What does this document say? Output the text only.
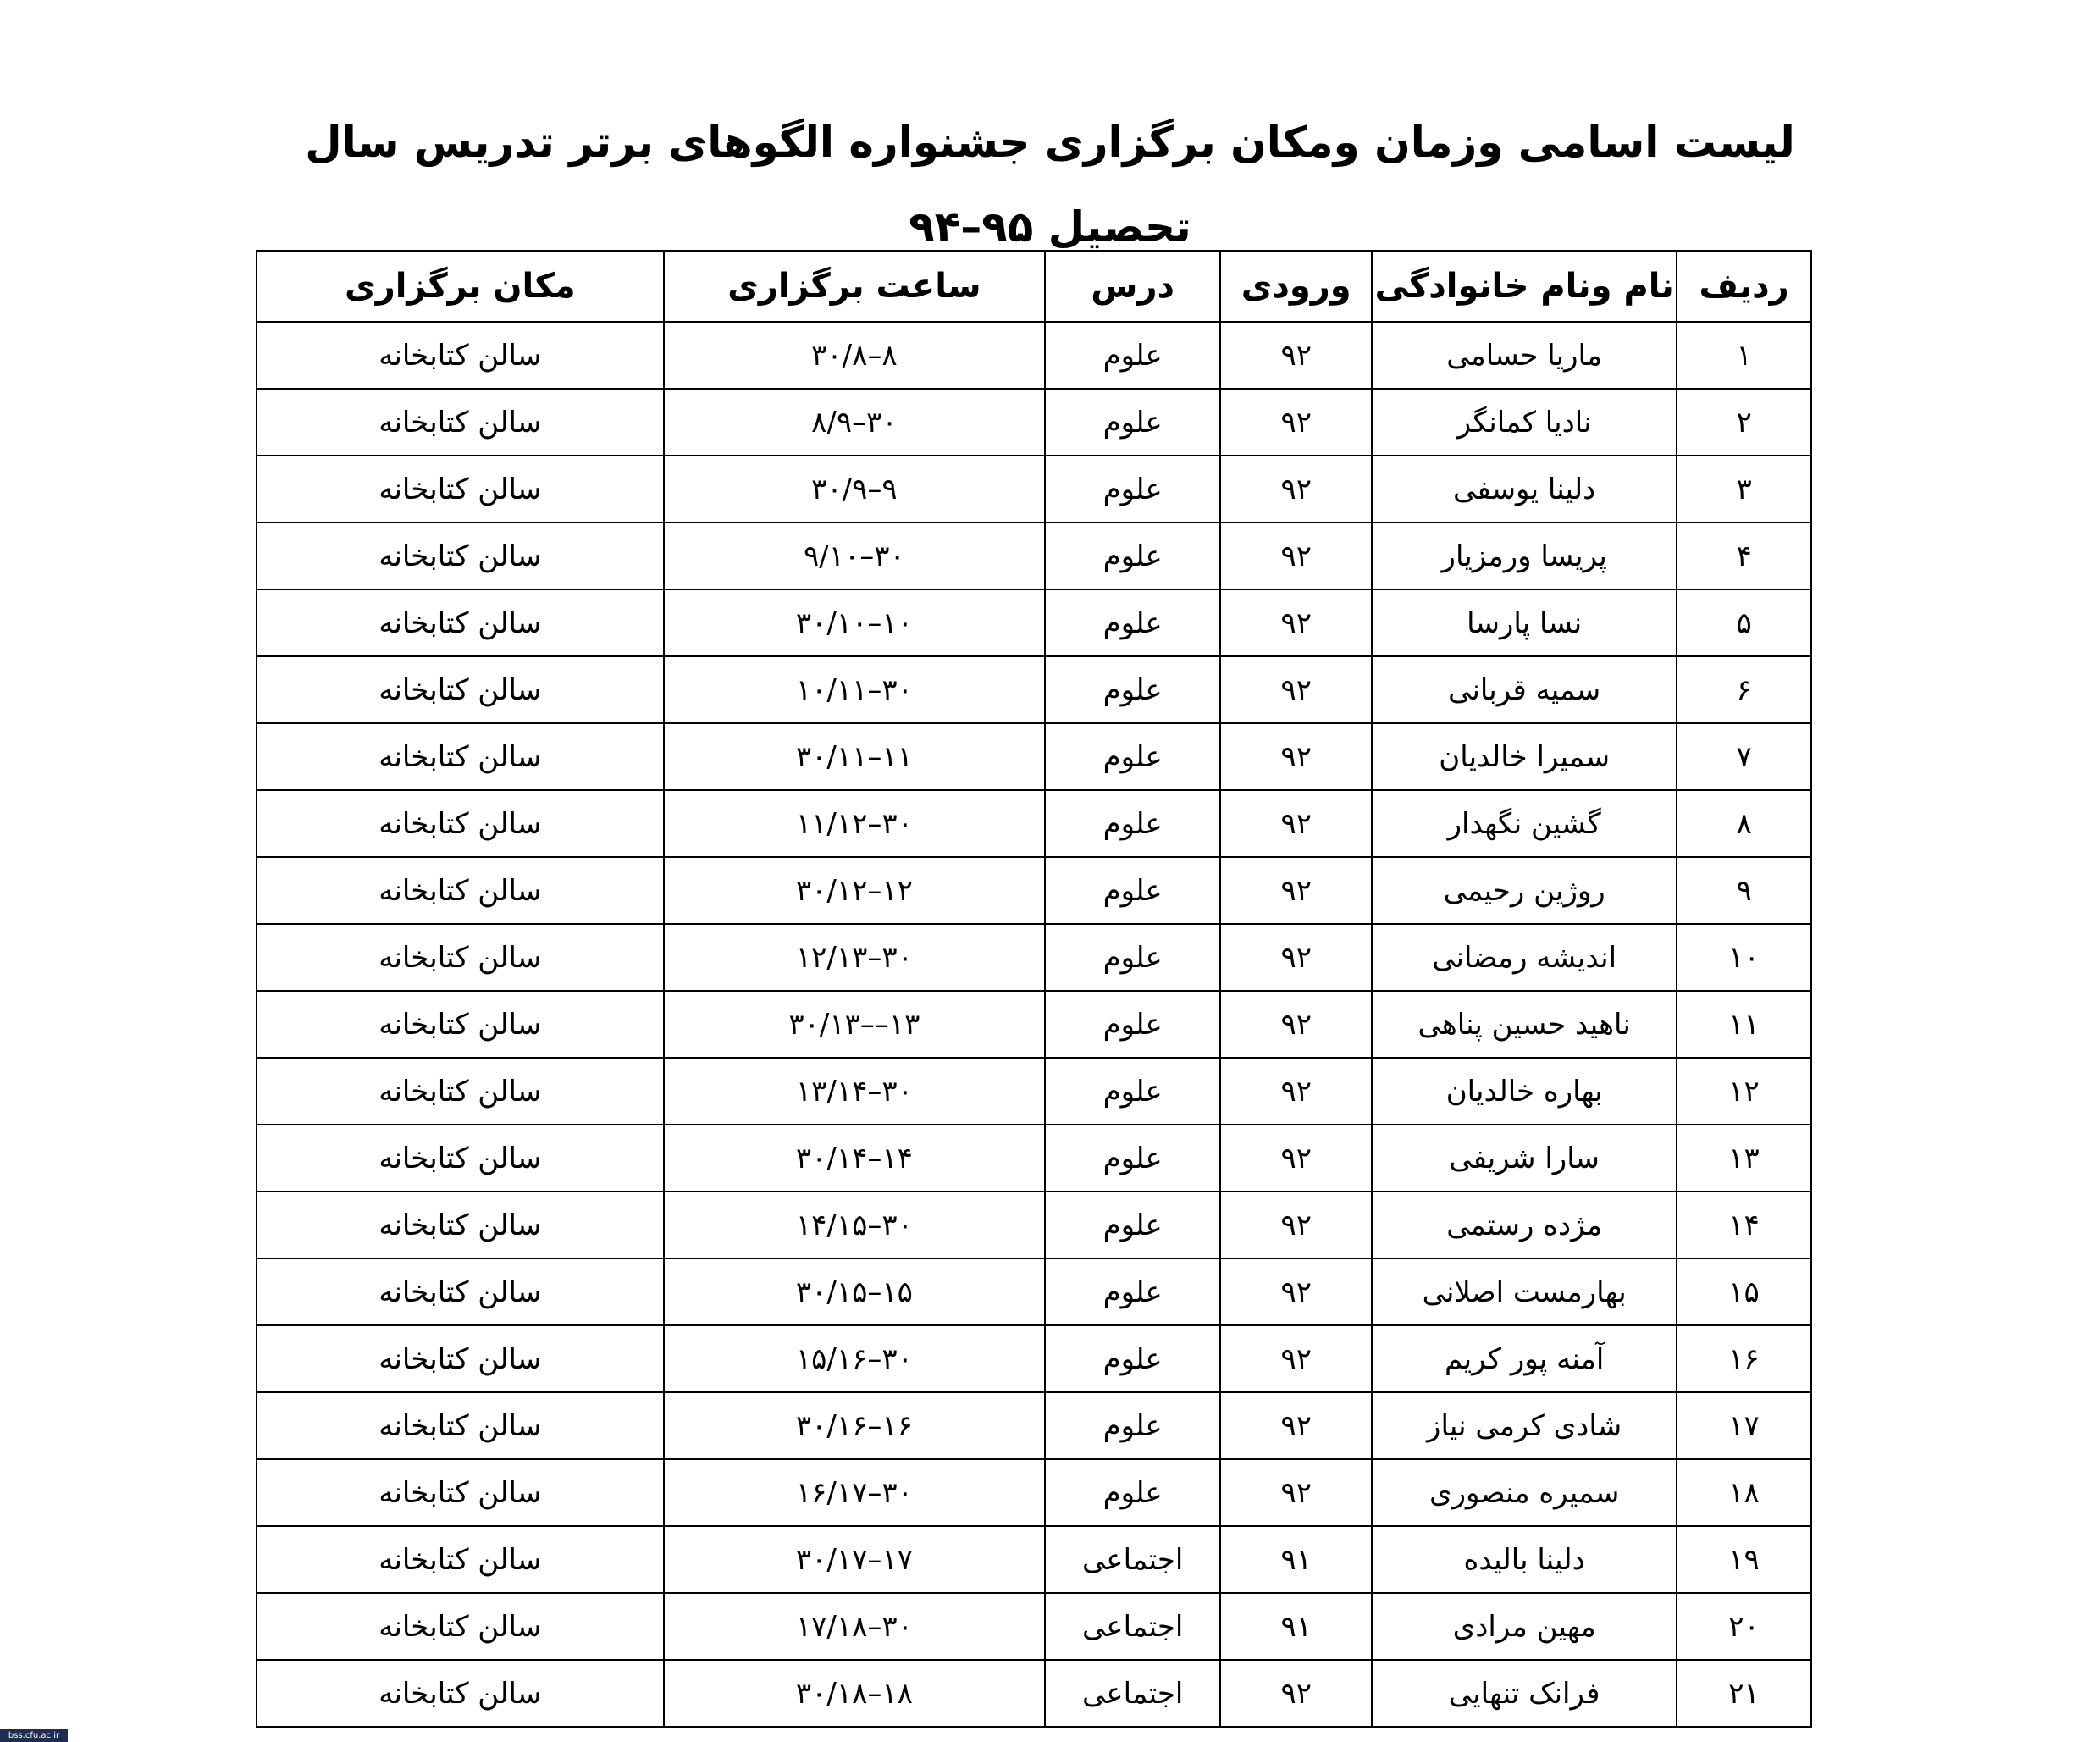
لیست اسامی وزمان ومکان برگزاری جشنواره الگوهای برتر تدریس سال تحصیل ۹۵–۹۴
ردیف	نام ونام خانوادگی	ورودی	درس	ساعت برگزاری	مکان برگزاری
۱	ماریا حسامی	۹۲	علوم	۳۰/۸–۸	سالن کتابخانه
۲	نادیا کمانگر	۹۲	علوم	۸/۹–۳۰	سالن کتابخانه
۳	دلینا یوسفی	۹۲	علوم	۳۰/۹–۹	سالن کتابخانه
۴	پریسا ورمزیار	۹۲	علوم	۹/۱۰–۳۰	سالن کتابخانه
۵	نسا پارسا	۹۲	علوم	۳۰/۱۰–۱۰	سالن کتابخانه
۶	سمیه قربانی	۹۲	علوم	۱۰/۱۱–۳۰	سالن کتابخانه
۷	سمیرا خالدیان	۹۲	علوم	۳۰/۱۱–۱۱	سالن کتابخانه
۸	گشین نگهدار	۹۲	علوم	۱۱/۱۲–۳۰	سالن کتابخانه
۹	روژین رحیمی	۹۲	علوم	۳۰/۱۲–۱۲	سالن کتابخانه
۱۰	اندیشه رمضانی	۹۲	علوم	۱۲/۱۳–۳۰	سالن کتابخانه
۱۱	ناهید حسین پناهی	۹۲	علوم	۳۰/۱۳––۱۳	سالن کتابخانه
۱۲	بهاره خالدیان	۹۲	علوم	۱۳/۱۴–۳۰	سالن کتابخانه
۱۳	سارا شریفی	۹۲	علوم	۳۰/۱۴–۱۴	سالن کتابخانه
۱۴	مژده رستمی	۹۲	علوم	۱۴/۱۵–۳۰	سالن کتابخانه
۱۵	بهارمست اصلانی	۹۲	علوم	۳۰/۱۵–۱۵	سالن کتابخانه
۱۶	آمنه پور کریم	۹۲	علوم	۱۵/۱۶–۳۰	سالن کتابخانه
۱۷	شادی کرمی نیاز	۹۲	علوم	۳۰/۱۶–۱۶	سالن کتابخانه
۱۸	سمیره منصوری	۹۲	علوم	۱۶/۱۷–۳۰	سالن کتابخانه
۱۹	دلینا بالیده	۹۱	اجتماعی	۳۰/۱۷–۱۷	سالن کتابخانه
۲۰	مهین مرادی	۹۱	اجتماعی	۱۷/۱۸–۳۰	سالن کتابخانه
۲۱	فرانک تنهایی	۹۲	اجتماعی	۳۰/۱۸–۱۸	سالن کتابخانه
bss.cfu.ac.ir
